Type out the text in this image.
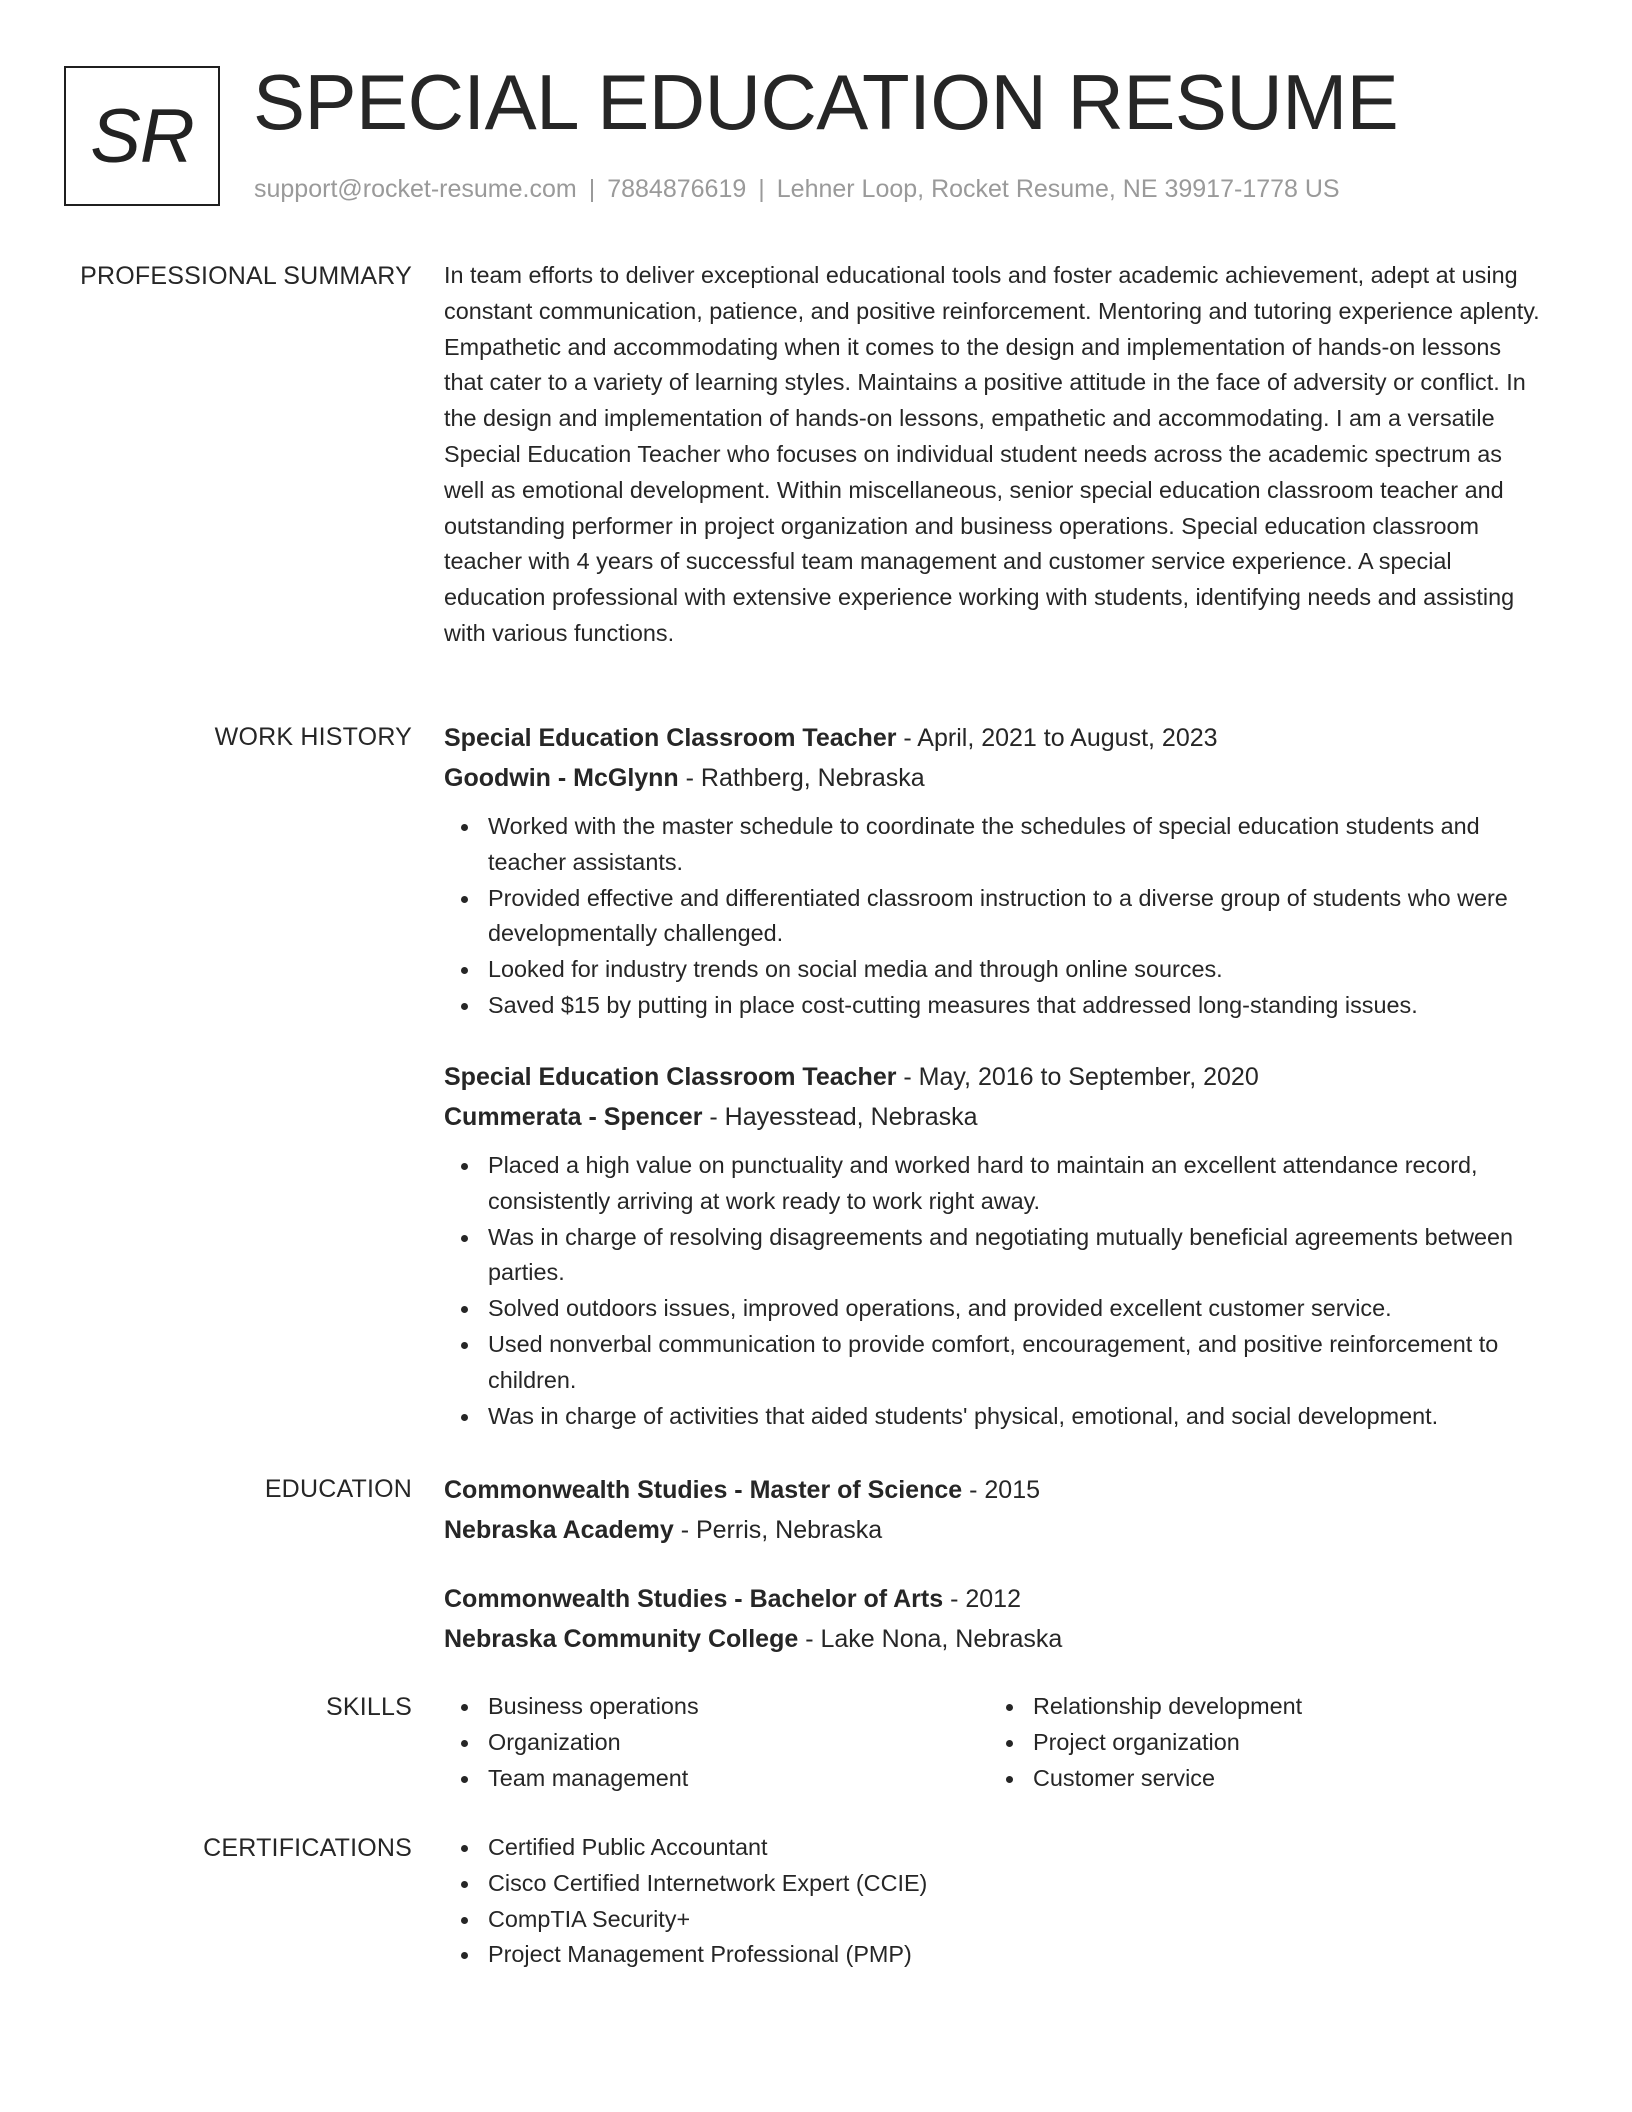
SR SPECIAL EDUCATION RESUME
support@rocket-resume.com | 7884876619 | Lehner Loop, Rocket Resume, NE 39917-1778 US
PROFESSIONAL SUMMARY In team efforts to deliver exceptional educational tools and foster academic achievement, adept at using constant communication, patience, and positive reinforcement. Mentoring and tutoring experience aplenty. Empathetic and accommodating when it comes to the design and implementation of hands-on lessons that cater to a variety of learning styles. Maintains a positive attitude in the face of adversity or conflict. In the design and implementation of hands-on lessons, empathetic and accommodating. I am a versatile Special Education Teacher who focuses on individual student needs across the academic spectrum as well as emotional development. Within miscellaneous, senior special education classroom teacher and outstanding performer in project organization and business operations. Special education classroom teacher with 4 years of successful team management and customer service experience. A special education professional with extensive experience working with students, identifying needs and assisting with various functions.

WORK HISTORY Special Education Classroom Teacher - April, 2021 to August, 2023

Goodwin - McGlynn - Rathberg, Nebraska

Worked with the master schedule to coordinate the schedules of special education students and teacher assistants.
Provided effective and differentiated classroom instruction to a diverse group of students who were developmentally challenged.
Looked for industry trends on social media and through online sources.
Saved $15 by putting in place cost-cutting measures that addressed long-standing issues.

Special Education Classroom Teacher - May, 2016 to September, 2020

Cummerata - Spencer - Hayesstead, Nebraska

Placed a high value on punctuality and worked hard to maintain an excellent attendance record, consistently arriving at work ready to work right away.
Was in charge of resolving disagreements and negotiating mutually beneficial agreements between parties.
Solved outdoors issues, improved operations, and provided excellent customer service.
Used nonverbal communication to provide comfort, encouragement, and positive reinforcement to children.
Was in charge of activities that aided students' physical, emotional, and social development.
EDUCATION Commonwealth Studies - Master of Science - 2015

Nebraska Academy - Perris, Nebraska

Commonwealth Studies - Bachelor of Arts - 2012

Nebraska Community College - Lake Nona, Nebraska

SKILLS	Business operations
Organization
Team management
Relationship development
Project organization
Customer service
CERTIFICATIONS	Certified Public Accountant
Cisco Certified Internetwork Expert (CCIE)
CompTIA Security+
Project Management Professional (PMP)
